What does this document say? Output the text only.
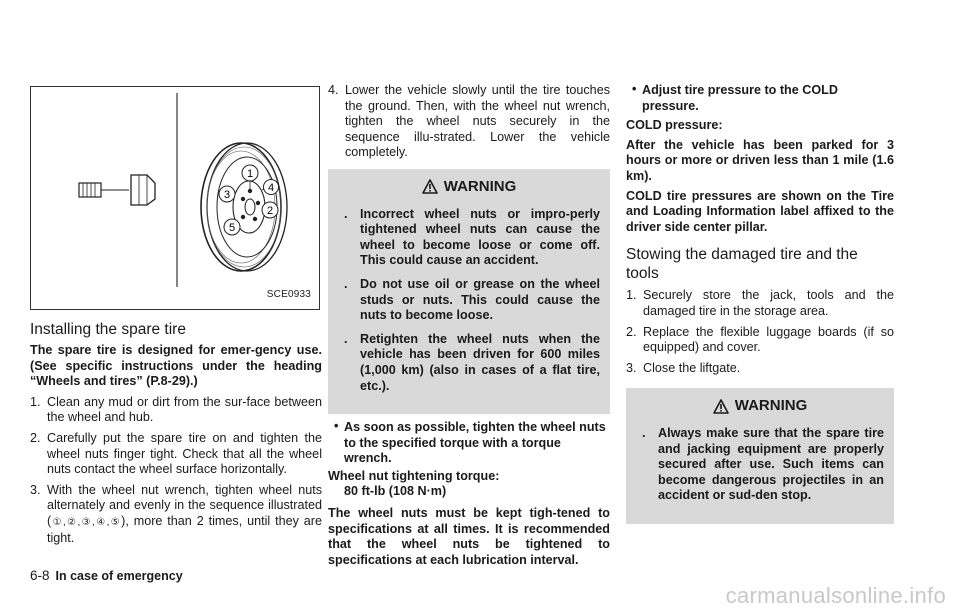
1
4
2
3
5
SCE0933
Installing the spare tire

The spare tire is designed for emer-gency use. (See specific instructions under the heading “Wheels and tires” (P.8-29).)

1. Clean any mud or dirt from the sur-face between the wheel and hub.
2. Carefully put the spare tire on and tighten the wheel nuts finger tight. Check that all the wheel nuts contact the wheel surface horizontally.
3. With the wheel nut wrench, tighten wheel nuts alternately and evenly in the sequence illustrated (①,②,③,④,⑤), more than 2 times, until they are tight.
4. Lower the vehicle slowly until the tire touches the ground. Then, with the wheel nut wrench, tighten the wheel nuts securely in the sequence illu-strated. Lower the vehicle completely.
WARNING
. Incorrect wheel nuts or impro-perly tightened wheel nuts can cause the wheel to become loose or come off. This could cause an accident.
. Do not use oil or grease on the wheel studs or nuts. This could cause the nuts to become loose.
. Retighten the wheel nuts when the vehicle has been driven for 600 miles (1,000 km) (also in cases of a flat tire, etc.).
• As soon as possible, tighten the wheel nuts to the specified torque with a torque wrench.

Wheel nut tightening torque:

80 ft-lb (108 N·m)

The wheel nuts must be kept tigh-tened to specifications at all times. It is recommended that the wheel nuts be tightened to specifications at each lubrication interval.

• Adjust tire pressure to the COLD pressure.

COLD pressure:

After the vehicle has been parked for 3 hours or more or driven less than 1 mile (1.6 km).

COLD tire pressures are shown on the Tire and Loading Information label affixed to the driver side center pillar.

Stowing the damaged tire and the tools
1. Securely store the jack, tools and the damaged tire in the storage area.
2. Replace the flexible luggage boards (if so equipped) and cover.
3. Close the liftgate.
WARNING
. Always make sure that the spare tire and jacking equipment are properly secured after use. Such items can become dangerous projectiles in an accident or sud-den stop.
6-8 In case of emergency
carmanualsonline.info
